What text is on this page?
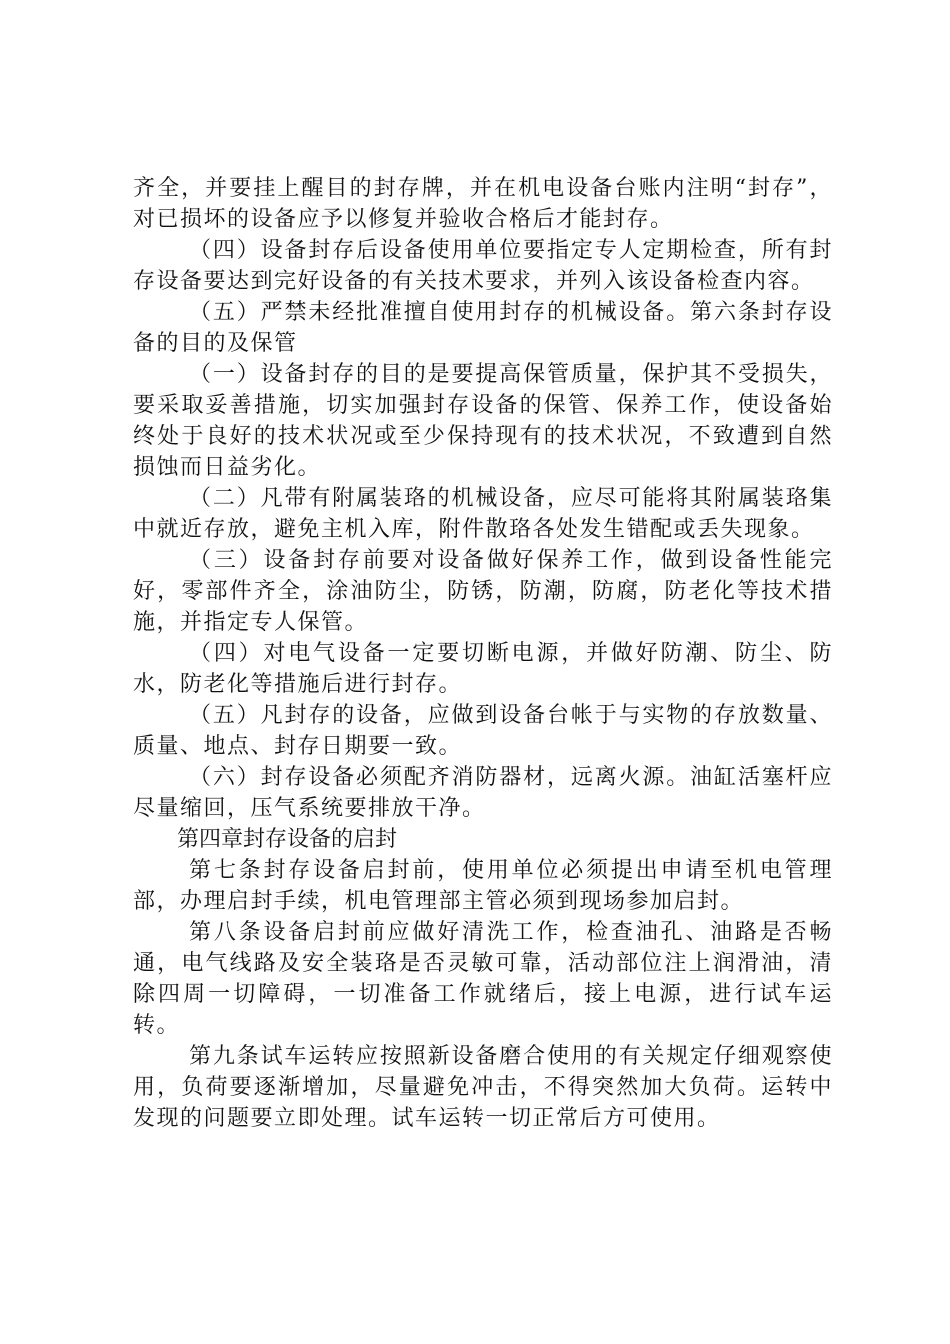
齐全，并要挂上醒目的封存牌，并在机电设备台账内注明“封存”，对已损坏的设备应予以修复并验收合格后才能封存。

（四）设备封存后设备使用单位要指定专人定期检查，所有封存设备要达到完好设备的有关技术要求，并列入该设备检查内容。

（五）严禁未经批准擅自使用封存的机械设备。第六条封存设备的目的及保管

（一）设备封存的目的是要提高保管质量，保护其不受损失，要采取妥善措施，切实加强封存设备的保管、保养工作，使设备始终处于良好的技术状况或至少保持现有的技术状况，不致遭到自然损蚀而日益劣化。

（二）凡带有附属装珞的机械设备，应尽可能将其附属装珞集中就近存放，避免主机入库，附件散珞各处发生错配或丢失现象。

（三）设备封存前要对设备做好保养工作，做到设备性能完好，零部件齐全，涂油防尘，防锈，防潮，防腐，防老化等技术措施，并指定专人保管。

（四）对电气设备一定要切断电源，并做好防潮、防尘、防水，防老化等措施后进行封存。

（五）凡封存的设备，应做到设备台帐于与实物的存放数量、质量、地点、封存日期要一致。

（六）封存设备必须配齐消防器材，远离火源。油缸活塞杆应尽量缩回，压气系统要排放干净。

第四章封存设备的启封

第七条封存设备启封前，使用单位必须提出申请至机电管理部，办理启封手续，机电管理部主管必须到现场参加启封。

第八条设备启封前应做好清洗工作，检查油孔、油路是否畅通，电气线路及安全装珞是否灵敏可靠，活动部位注上润滑油，清除四周一切障碍，一切准备工作就绪后，接上电源，进行试车运转。

第九条试车运转应按照新设备磨合使用的有关规定仔细观察使用，负荷要逐渐增加，尽量避免冲击，不得突然加大负荷。运转中发现的问题要立即处理。试车运转一切正常后方可使用。
